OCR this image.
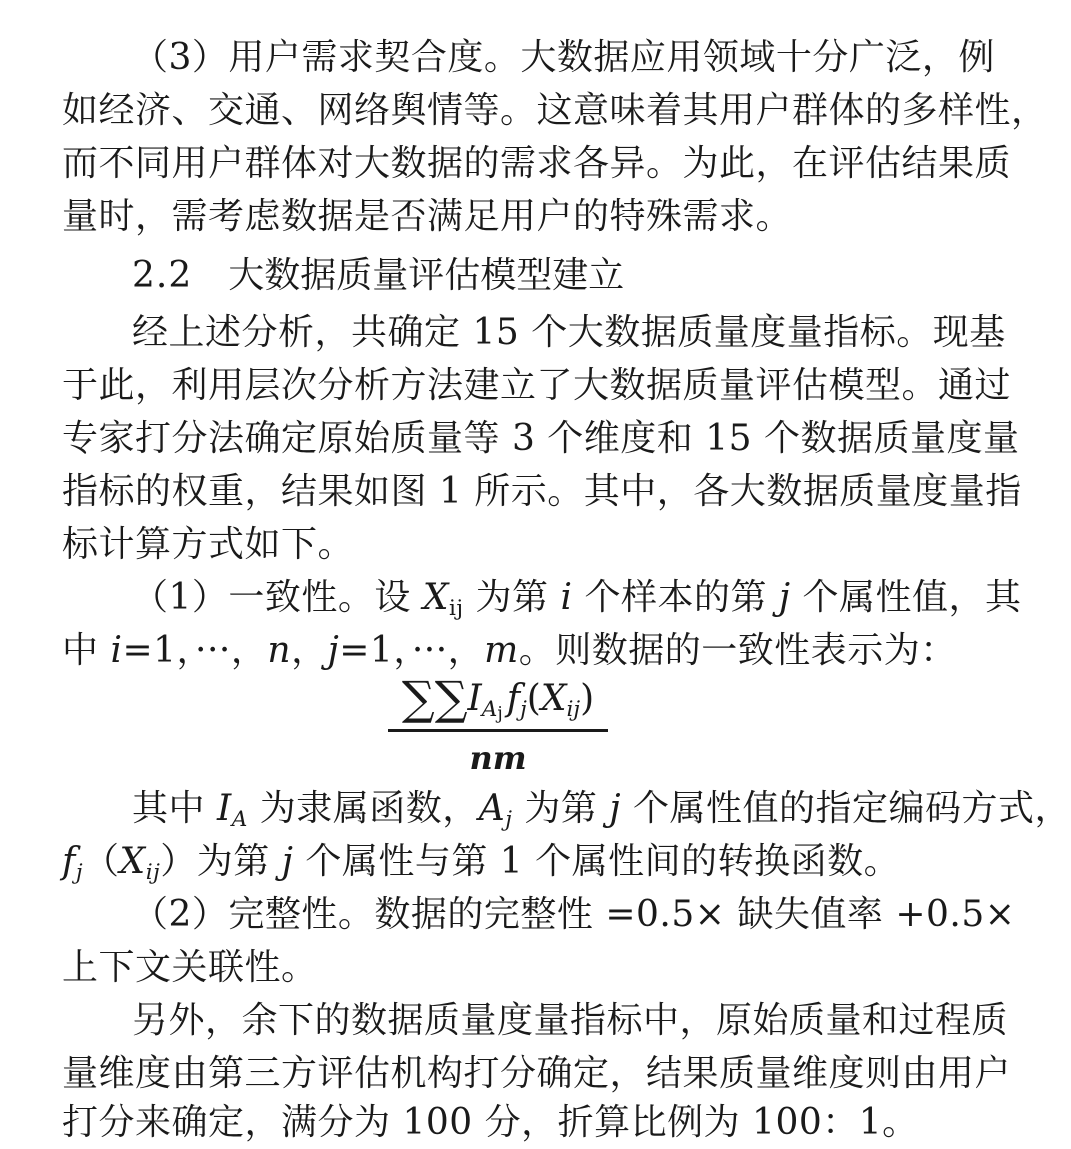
（3）用户需求契合度。大数据应用领域十分广泛，例
如经济、交通、网络舆情等。这意味着其用户群体的多样性，
而不同用户群体对大数据的需求各异。为此，在评估结果质
量时，需考虑数据是否满足用户的特殊需求。
2.2 大数据质量评估模型建立
经上述分析，共确定 15 个大数据质量度量指标。现基
于此，利用层次分析方法建立了大数据质量评估模型。通过
专家打分法确定原始质量等 3 个维度和 15 个数据质量度量
指标的权重，结果如图 1 所示。其中，各大数据质量度量指
标计算方式如下。
（1）一致性。设 $X_{ij}$ 为第 i 个样本的第 j 个属性值，其
中 i=1，···，n，j=1，···，m。则数据的一致性表示为：
$\sum\sum I_{A_j}$ $f_j(X_{ij})$
nm
其中 $I_A$ 为隶属函数，$A_j$ 为第 j 个属性值的指定编码方式，
$f_j(X_{ij})$为第 j 个属性与第 1 个属性间的转换函数。
（2）完整性。数据的完整性 =0.5× 缺失值率 +0.5×
上下文关联性。
另外，余下的数据质量度量指标中，原始质量和过程质
量维度由第三方评估机构打分确定，结果质量维度则由用户
打分来确定，满分为 100 分，折算比例为 100：1。
